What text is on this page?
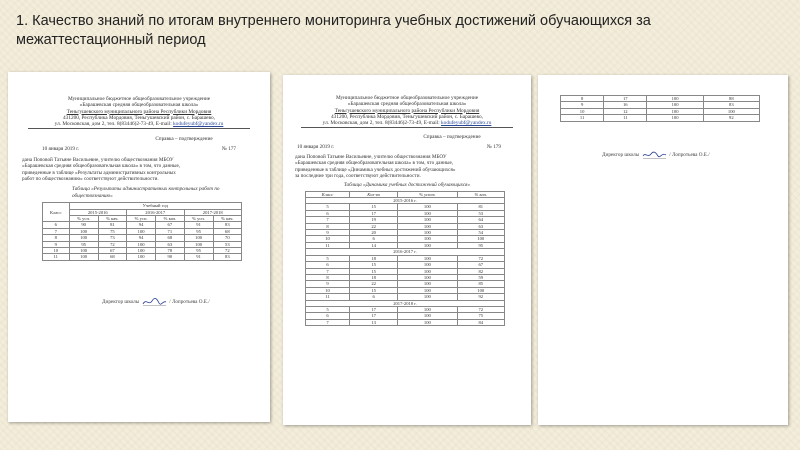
1. Качество знаний по итогам внутреннего мониторинга учебных достижений обучающихся за межаттестационный период
Муниципальное бюджетное общеобразовательное учреждение
«Барашевская средняя общеобразовательная школа»
Теньгушевского муниципального района Республики Мордовия
431200, Республика Мордовия, Теньгушевский район, с. Барашево,
ул. Московская, дом 2, тел. 8(83446)2-73-49, E-mail: kodufeyubf@yandex.ru
Справка – подтверждение
10 января 2019 г.	№ 177
дана Поповой Татьяне Васильевне, учителю обществознания МБОУ
«Барашевская средняя общеобразовательная школа» в том, что данные,
приведенные в таблице «Результаты административных контрольных
работ по обществознанию» соответствуют действительности.
Таблица «Результаты административных контрольных работ по обществознанию»
Класс	Учебный год					
	2015-2016		2016-2017		2017-2018	
	% усп.	% кач.	% усп.	% кач.	% усп.	% кач.
6	90	81	94	67	91	83
7	100	75	100	71	95	68
8	100	73	94	68	100	70
9	95	72	100	63	100	53
10	100	67	100	78	95	72
11	100	68	100	90	91	83
Директор школы	/ Лопротьева О.Е./
Муниципальное бюджетное общеобразовательное учреждение
«Барашевская средняя общеобразовательная школа»
Теньгушевского муниципального района Республики Мордовия
431200, Республика Мордовия, Теньгушевский район, с. Барашево,
ул. Московская, дом 2, тел. 8(83446)2-73-49, E-mail: kodufeyubf@yandex.ru
Справка – подтверждение
10 января 2019 г.	№ 179
дана Поповой Татьяне Васильевне, учителю обществознания МБОУ
«Барашевская средняя общеобразовательная школа» в том, что данные,
приведенные в таблице «Динамика учебных достижений обучающихся»
за последние три года, соответствуют действительности.
Таблица «Динамика учебных достижений обучающихся»
Класс	Кол-во	% успев.	% кач.
2015-2016 г.			
5	15	100	81
6	17	100	53
7	19	100	64
8	22	100	63
9	20	100	54
10	6	100	100
11	14	100	95
2016-2017 г.			
5	18	100	72
6	15	100	67
7	15	100	82
8	18	100	59
9	22	100	85
10	15	100	100
11	6	100	92
2017-2018 г.			
5	17	100	72
6	17	100	75
7	13	100	84
8	17	100	88
9	16	100	83
10	12	100	100
11	11	100	92
Директор школы	/ Лопротьева О.Е./
